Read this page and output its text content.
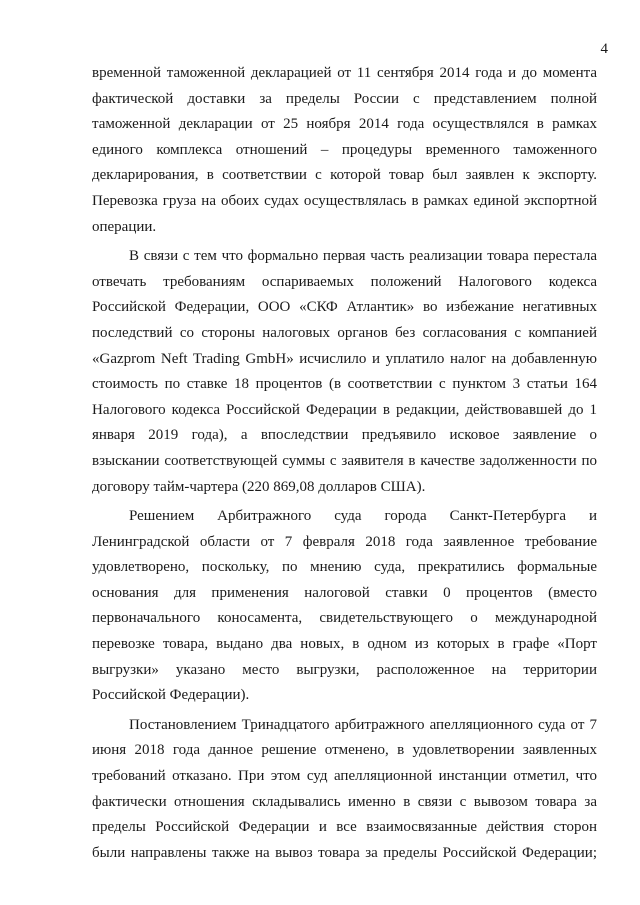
4

временной таможенной декларацией от 11 сентября 2014 года и до момента
фактической доставки за пределы России с представлением полной
таможенной декларации от 25 ноября 2014 года осуществлялся в рамках
единого комплекса отношений – процедуры временного таможенного
декларирования, в соответствии с которой товар был заявлен к экспорту.
Перевозка груза на обоих судах осуществлялась в рамках единой экспортной
операции.

В связи с тем что формально первая часть реализации товара перестала
отвечать требованиям оспариваемых положений Налогового кодекса
Российской Федерации, ООО «СКФ Атлантик» во избежание негативных
последствий со стороны налоговых органов без согласования с компанией
«Gazprom Neft Trading GmbH» исчислило и уплатило налог на добавленную
стоимость по ставке 18 процентов (в соответствии с пунктом 3 статьи 164
Налогового кодекса Российской Федерации в редакции, действовавшей до 1
января 2019 года), а впоследствии предъявило исковое заявление о
взыскании соответствующей суммы с заявителя в качестве задолженности по
договору тайм-чартера (220 869,08 долларов США).

Решением Арбитражного суда города Санкт-Петербурга и
Ленинградской области от 7 февраля 2018 года заявленное требование
удовлетворено, поскольку, по мнению суда, прекратились формальные
основания для применения налоговой ставки 0 процентов (вместо
первоначального коносамента, свидетельствующего о международной
перевозке товара, выдано два новых, в одном из которых в графе «Порт
выгрузки» указано место выгрузки, расположенное на территории
Российской Федерации).

Постановлением Тринадцатого арбитражного апелляционного суда от 7
июня 2018 года данное решение отменено, в удовлетворении заявленных
требований отказано. При этом суд апелляционной инстанции отметил, что
фактически отношения складывались именно в связи с вывозом товара за
пределы Российской Федерации и все взаимосвязанные действия сторон
были направлены также на вывоз товара за пределы Российской Федерации;
